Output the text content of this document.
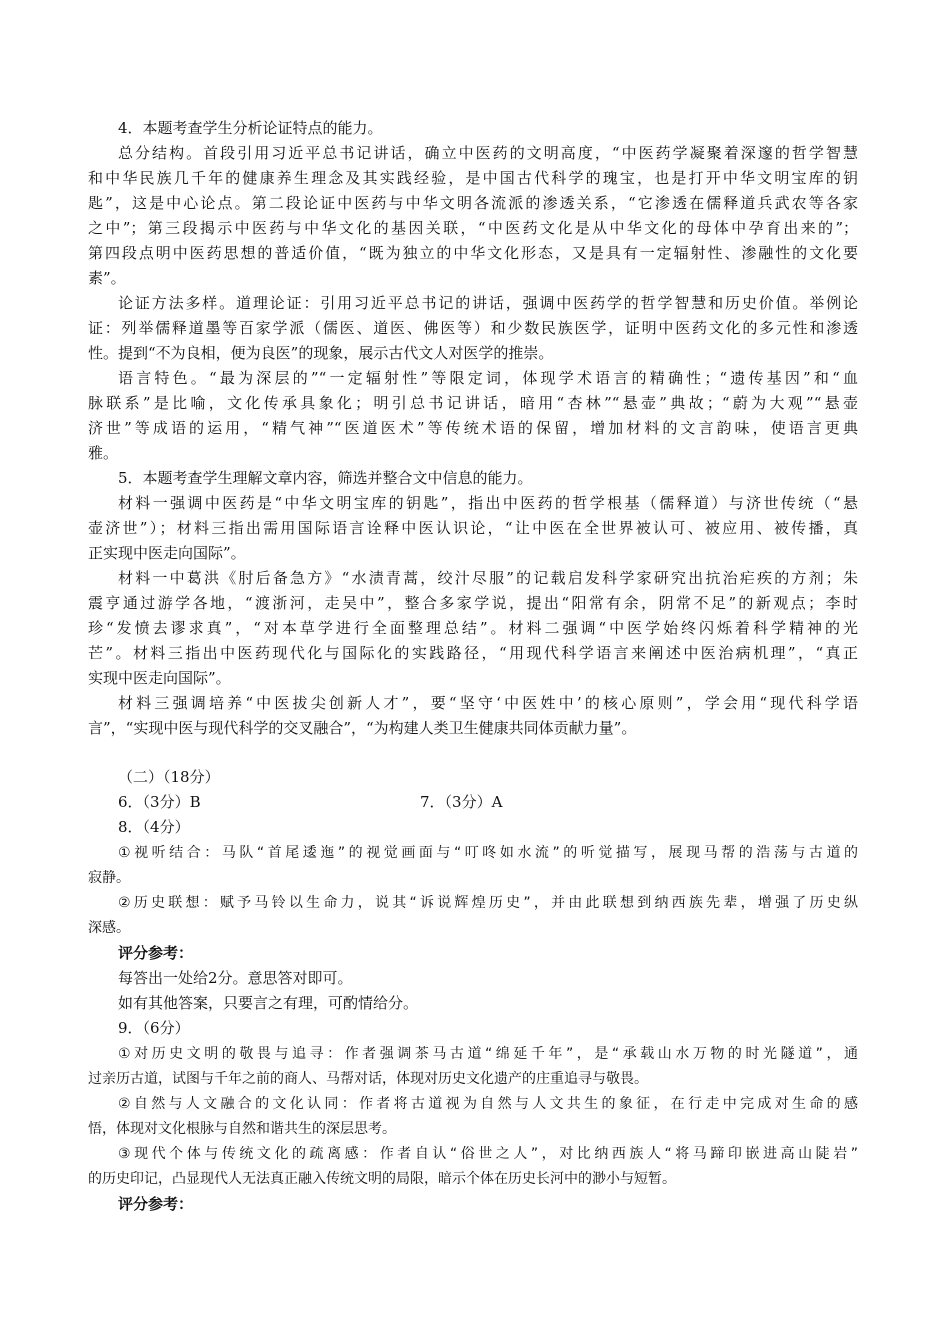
4．本题考查学生分析论证特点的能力。
总分结构。首段引用习近平总书记讲话，确立中医药的文明高度，“中医药学凝聚着深邃的哲学智慧
和中华民族几千年的健康养生理念及其实践经验，是中国古代科学的瑰宝，也是打开中华文明宝库的钥
匙”，这是中心论点。第二段论证中医药与中华文明各流派的渗透关系，“它渗透在儒释道兵武农等各家
之中”；第三段揭示中医药与中华文化的基因关联，“中医药文化是从中华文化的母体中孕育出来的”；
第四段点明中医药思想的普适价值，“既为独立的中华文化形态，又是具有一定辐射性、渗融性的文化要
素”。
论证方法多样。道理论证：引用习近平总书记的讲话，强调中医药学的哲学智慧和历史价值。举例论
证：列举儒释道墨等百家学派（儒医、道医、佛医等）和少数民族医学，证明中医药文化的多元性和渗透
性。提到“不为良相，便为良医”的现象，展示古代文人对医学的推崇。
语言特色。“最为深层的”“一定辐射性”等限定词，体现学术语言的精确性；“遗传基因”和“血
脉联系”是比喻，文化传承具象化；明引总书记讲话，暗用“杏林”“悬壶”典故；“蔚为大观”“悬壶
济世”等成语的运用，“精气神”“医道医术”等传统术语的保留，增加材料的文言韵味，使语言更典
雅。
5．本题考查学生理解文章内容，筛选并整合文中信息的能力。
材料一强调中医药是“中华文明宝库的钥匙”，指出中医药的哲学根基（儒释道）与济世传统（“悬
壶济世”）；材料三指出需用国际语言诠释中医认识论，“让中医在全世界被认可、被应用、被传播，真
正实现中医走向国际”。
材料一中葛洪《肘后备急方》“水渍青蒿，绞汁尽服”的记载启发科学家研究出抗治疟疾的方剂；朱
震亨通过游学各地，“渡浙河，走吴中”，整合多家学说，提出“阳常有余，阴常不足”的新观点；李时
珍“发愤去谬求真”，“对本草学进行全面整理总结”。材料二强调“中医学始终闪烁着科学精神的光
芒”。材料三指出中医药现代化与国际化的实践路径，“用现代科学语言来阐述中医治病机理”，“真正
实现中医走向国际”。
材料三强调培养“中医拔尖创新人才”，要“坚守‘中医姓中’的核心原则”，学会用“现代科学语
言”，“实现中医与现代科学的交叉融合”，“为构建人类卫生健康共同体贡献力量”。
（二）（18分）
6．（3分）B	7．（3分）A
8．（4分）
①视听结合：马队“首尾逶迤”的视觉画面与“叮咚如水流”的听觉描写，展现马帮的浩荡与古道的
寂静。
②历史联想：赋予马铃以生命力，说其“诉说辉煌历史”，并由此联想到纳西族先辈，增强了历史纵
深感。
评分参考：
每答出一处给2分。意思答对即可。
如有其他答案，只要言之有理，可酌情给分。
9．（6分）
①对历史文明的敬畏与追寻：作者强调茶马古道“绵延千年”，是“承载山水万物的时光隧道”，通
过亲历古道，试图与千年之前的商人、马帮对话，体现对历史文化遗产的庄重追寻与敬畏。
②自然与人文融合的文化认同：作者将古道视为自然与人文共生的象征，在行走中完成对生命的感
悟，体现对文化根脉与自然和谐共生的深层思考。
③现代个体与传统文化的疏离感：作者自认“俗世之人”，对比纳西族人“将马蹄印嵌进高山陡岩”
的历史印记，凸显现代人无法真正融入传统文明的局限，暗示个体在历史长河中的渺小与短暂。
评分参考：
